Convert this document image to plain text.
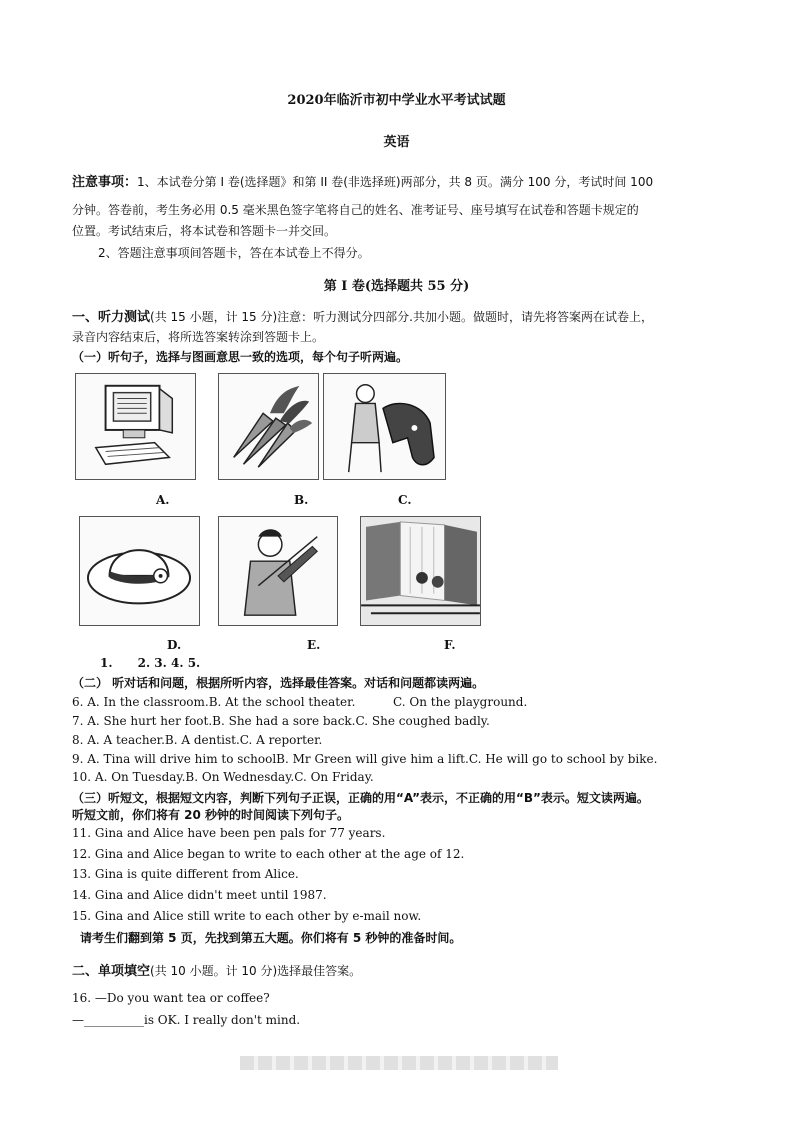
2020年临沂市初中学业水平考试试题
英语
注意事项：1、本试卷分第 I 卷(选择题》和第 II 卷(非选择班)两部分，共 8 页。满分 100 分，考试时间 100
分钟。答卷前，考生务必用 0.5 毫米黑色签字笔将自己的姓名、准考证号、座号填写在试卷和答题卡规定的
位置。考试结束后，将本试卷和答题卡一并交回。
2、答题注意事项间答题卡，答在本试卷上不得分。
第 I 卷(选择题共 55 分)
一、听力测试(共 15 小题，计 15 分)注意：听力测试分四部分.共加小题。做题时，请先将答案两在试卷上，
录音内容结束后，将所选答案转涂到答题卡上。
（一）听句子，选择与图画意思一致的选项，每个句子听两遍。
A.	B.	C.
D.	E.	F.
1.      2. 3. 4. 5.
（二） 听对话和问题，根据所听内容，选择最佳答案。对话和问题都读两遍。
6. A. In the classroom.B. At the school theater.	C. On the playground.
7. A. She hurt her foot.B. She had a sore back.C. She coughed badly.
8. A. A teacher.B. A dentist.C. A reporter.
9. A. Tina will drive him to schoolB. Mr Green will give him a lift.C. He will go to school by bike.
10. A. On Tuesday.B. On Wednesday.C. On Friday.
（三）听短文，根据短文内容，判断下列句子正误，正确的用“A”表示，不正确的用“B”表示。短文读两遍。
听短文前，你们将有 20 秒钟的时间阅读下列句子。
11. Gina and Alice have been pen pals for 77 years.
12. Gina and Alice began to write to each other at the age of 12.
13. Gina is quite different from Alice.
14. Gina and Alice didn't meet until 1987.
15. Gina and Alice still write to each other by e-mail now.
请考生们翻到第 5 页，先找到第五大题。你们将有 5 秒钟的准备时间。
二、单项填空(共 10 小题。计 10 分)选择最佳答案。
16. —Do you want tea or coffee?
—__________is OK. I really don't mind.
